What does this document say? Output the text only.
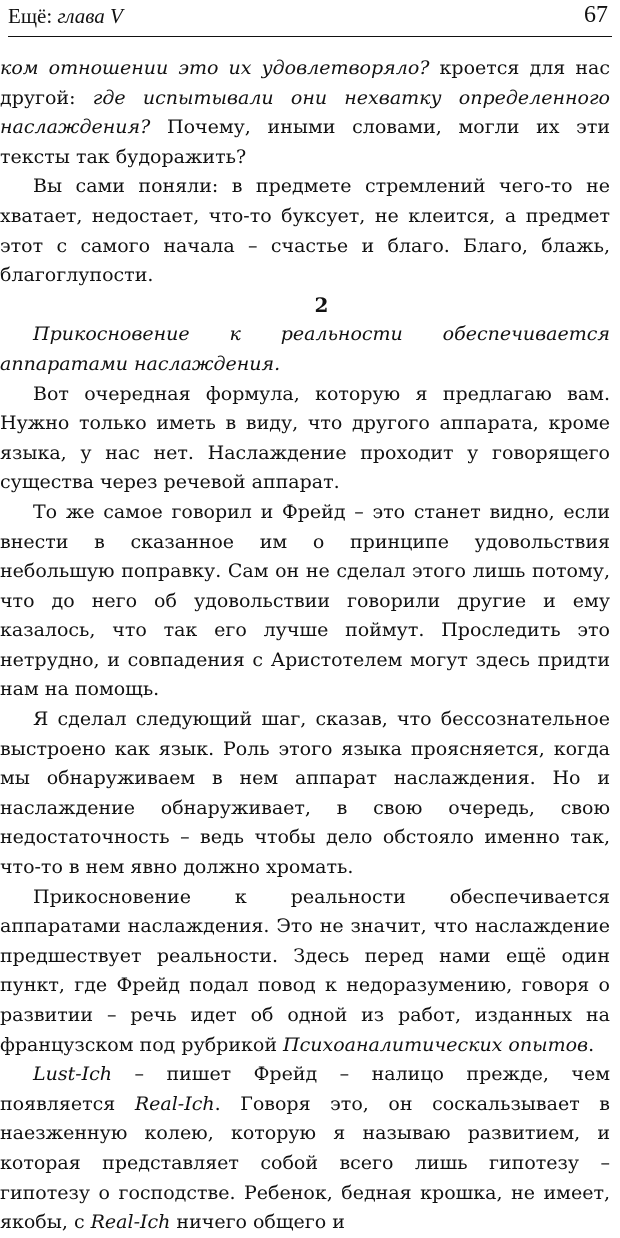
Ещё: глава V	67

ком отношении это их удовлетворяло? кроется для нас другой: где испытывали они нехватку определенного наслаждения? Почему, иными словами, могли их эти тексты так будоражить?

Вы сами поняли: в предмете стремлений чего-то не хватает, недостает, что-то буксует, не клеится, а предмет этот с самого начала – счастье и благо. Благо, блажь, благоглупости.

2

Прикосновение к реальности обеспечивается аппаратами наслаждения.

Вот очередная формула, которую я предлагаю вам. Нужно только иметь в виду, что другого аппарата, кроме языка, у нас нет. Наслаждение проходит у говорящего существа через речевой аппарат.

То же самое говорил и Фрейд – это станет видно, если внести в сказанное им о принципе удовольствия небольшую поправку. Сам он не сделал этого лишь потому, что до него об удовольствии говорили другие и ему казалось, что так его лучше поймут. Проследить это нетрудно, и совпадения с Аристотелем могут здесь придти нам на помощь.

Я сделал следующий шаг, сказав, что бессознательное выстроено как язык. Роль этого языка проясняется, когда мы обнаруживаем в нем аппарат наслаждения. Но и наслаждение обнаруживает, в свою очередь, свою недостаточность – ведь чтобы дело обстояло именно так, что-то в нем явно должно хромать.

Прикосновение к реальности обеспечивается аппаратами наслаждения. Это не значит, что наслаждение предшествует реальности. Здесь перед нами ещё один пункт, где Фрейд подал повод к недоразумению, говоря о развитии – речь идет об одной из работ, изданных на французском под рубрикой Психоаналитических опытов.

Lust-Ich – пишет Фрейд – налицо прежде, чем появляется Real-Ich. Говоря это, он соскальзывает в наезженную колею, которую я называю развитием, и которая представляет собой всего лишь гипотезу – гипотезу о господстве. Ребенок, бедная крошка, не имеет, якобы, с Real-Ich ничего общего и
